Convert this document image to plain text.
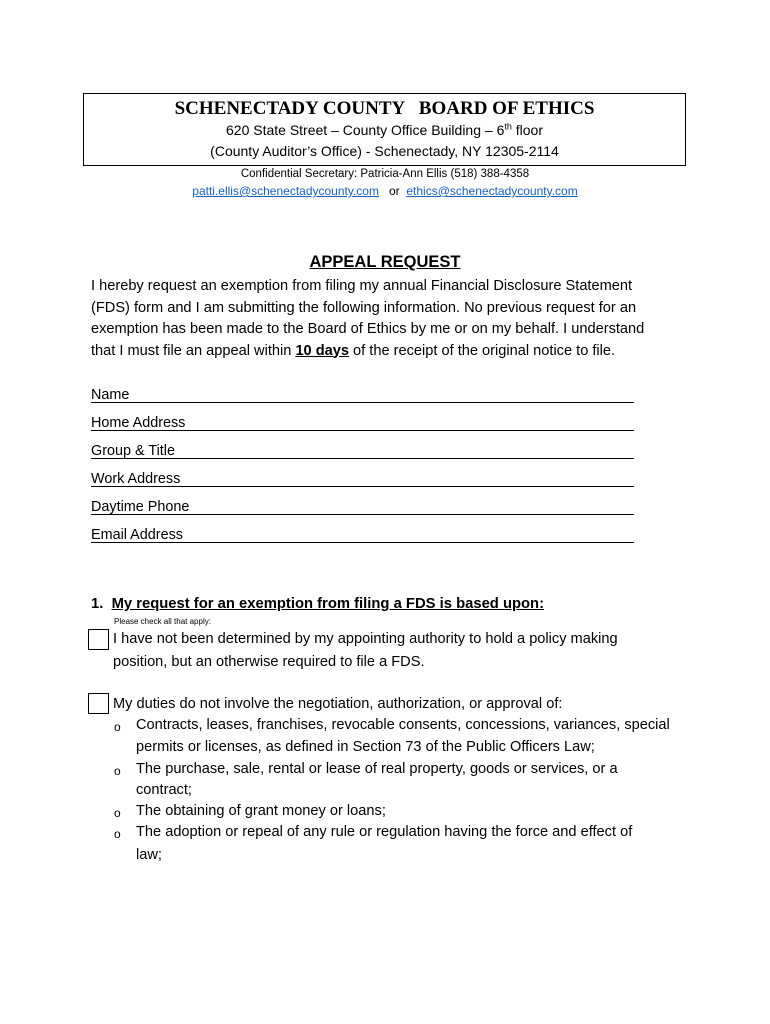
SCHENECTADY COUNTY   BOARD OF ETHICS
620 State Street – County Office Building – 6th floor
(County Auditor’s Office) - Schenectady, NY 12305-2114
Confidential Secretary: Patricia-Ann Ellis (518) 388-4358
patti.ellis@schenectadycounty.com or ethics@schenectadycounty.com
APPEAL REQUEST

I hereby request an exemption from filing my annual Financial Disclosure Statement

(FDS) form and I am submitting the following information. No previous request for an

exemption has been made to the Board of Ethics by me or on my behalf. I understand

that I must file an appeal within 10 days of the receipt of the original notice to file.

Name
Home Address
Group & Title
Work Address
Daytime Phone
Email Address
1. My request for an exemption from filing a FDS is based upon:
Please check all that apply:
I have not been determined by my appointing authority to hold a policy making
position, but an otherwise required to file a FDS.
My duties do not involve the negotiation, authorization, or approval of:
o Contracts, leases, franchises, revocable consents, concessions, variances, special
permits or licenses, as defined in Section 73 of the Public Officers Law;
o The purchase, sale, rental or lease of real property, goods or services, or a
contract;
o The obtaining of grant money or loans;
o The adoption or repeal of any rule or regulation having the force and effect of
law;
